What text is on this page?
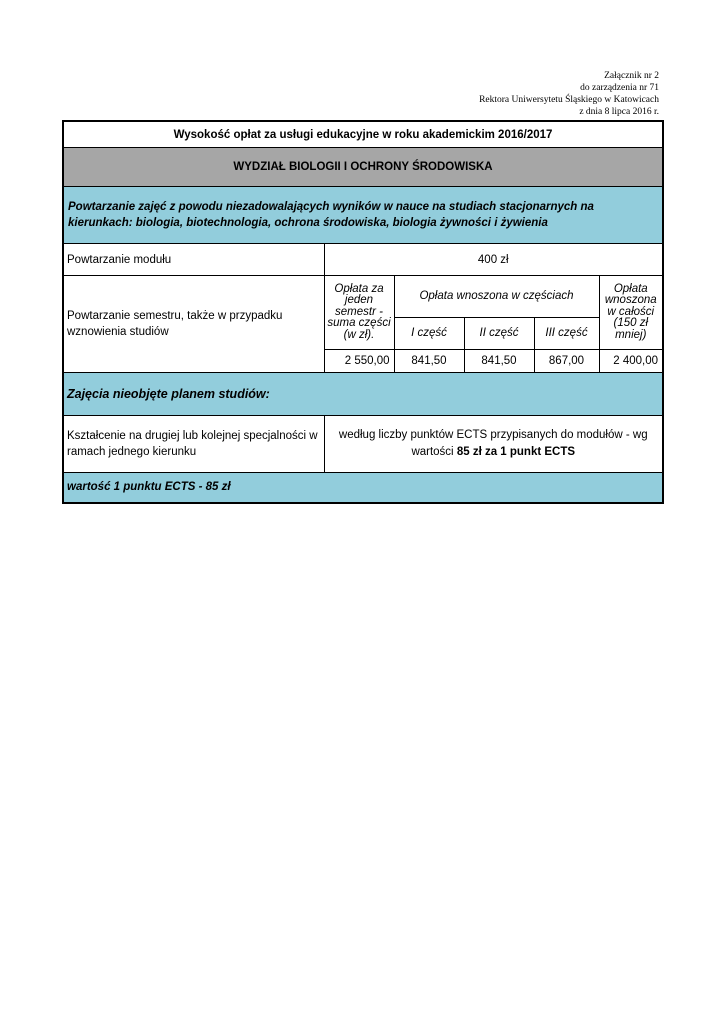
Załącznik nr 2
do zarządzenia nr 71
Rektora Uniwersytetu Śląskiego w Katowicach
z dnia 8 lipca 2016 r.
Wysokość opłat za usługi edukacyjne w roku akademickim 2016/2017					
WYDZIAŁ BIOLOGII I OCHRONY ŚRODOWISKA					
Powtarzanie zajęć z powodu niezadowalających wyników w nauce na studiach stacjonarnych na kierunkach: biologia, biotechnologia, ochrona środowiska, biologia żywności i żywienia					
Powtarzanie modułu	400 zł				
Powtarzanie semestru, także w przypadku wznowienia studiów	Opłata za jeden semestr - suma części (w zł).	Opłata wnoszona w częściach			Opłata wnoszona w całości (150 zł mniej)
		I część	II część	III część	
	2 550,00	841,50	841,50	867,00	2 400,00
Zajęcia nieobjęte planem studiów:					
Kształcenie na drugiej lub kolejnej specjalności w ramach jednego kierunku	według liczby punktów ECTS przypisanych do modułów - wg wartości 85 zł za 1 punkt ECTS				
wartość 1 punktu ECTS - 85 zł					
